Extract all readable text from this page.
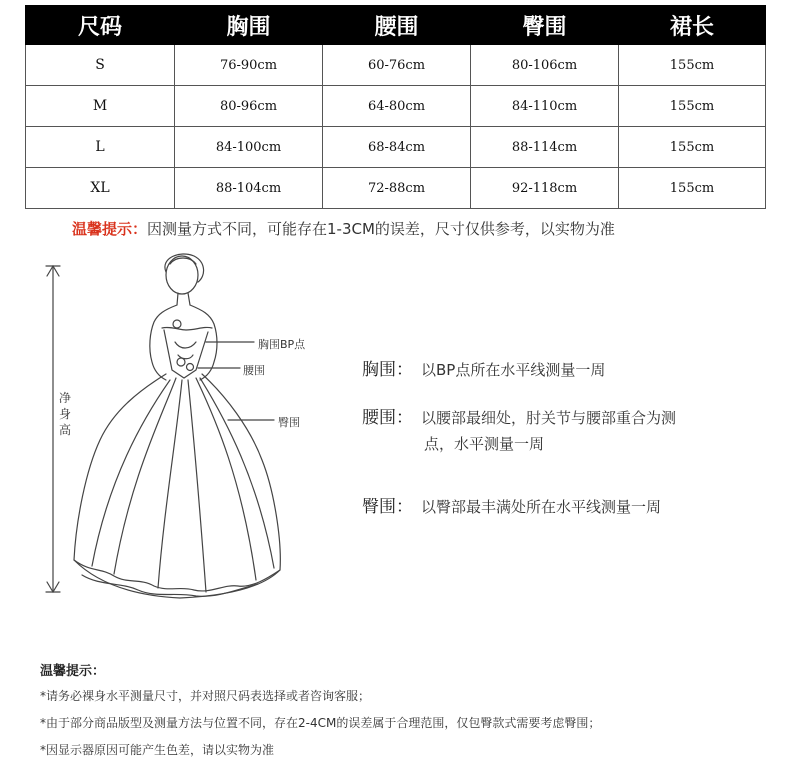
尺码	胸围	腰围	臀围	裙长
S	76-90cm	60-76cm	80-106cm	155cm
M	80-96cm	64-80cm	84-110cm	155cm
L	84-100cm	68-84cm	88-114cm	155cm
XL	88-104cm	72-88cm	92-118cm	155cm
温馨提示：因测量方式不同，可能存在1-3CM的误差，尺寸仅供参考，以实物为准
净身高
胸围BP点
腰围
臀围
胸围： 以BP点所在水平线测量一周
腰围： 以腰部最细处，肘关节与腰部重合为测
点，水平测量一周
臀围： 以臀部最丰满处所在水平线测量一周
温馨提示：
*请务必裸身水平测量尺寸，并对照尺码表选择或者咨询客服；
*由于部分商品版型及测量方法与位置不同，存在2-4CM的误差属于合理范围，仅包臀款式需要考虑臀围；
*因显示器原因可能产生色差，请以实物为准
